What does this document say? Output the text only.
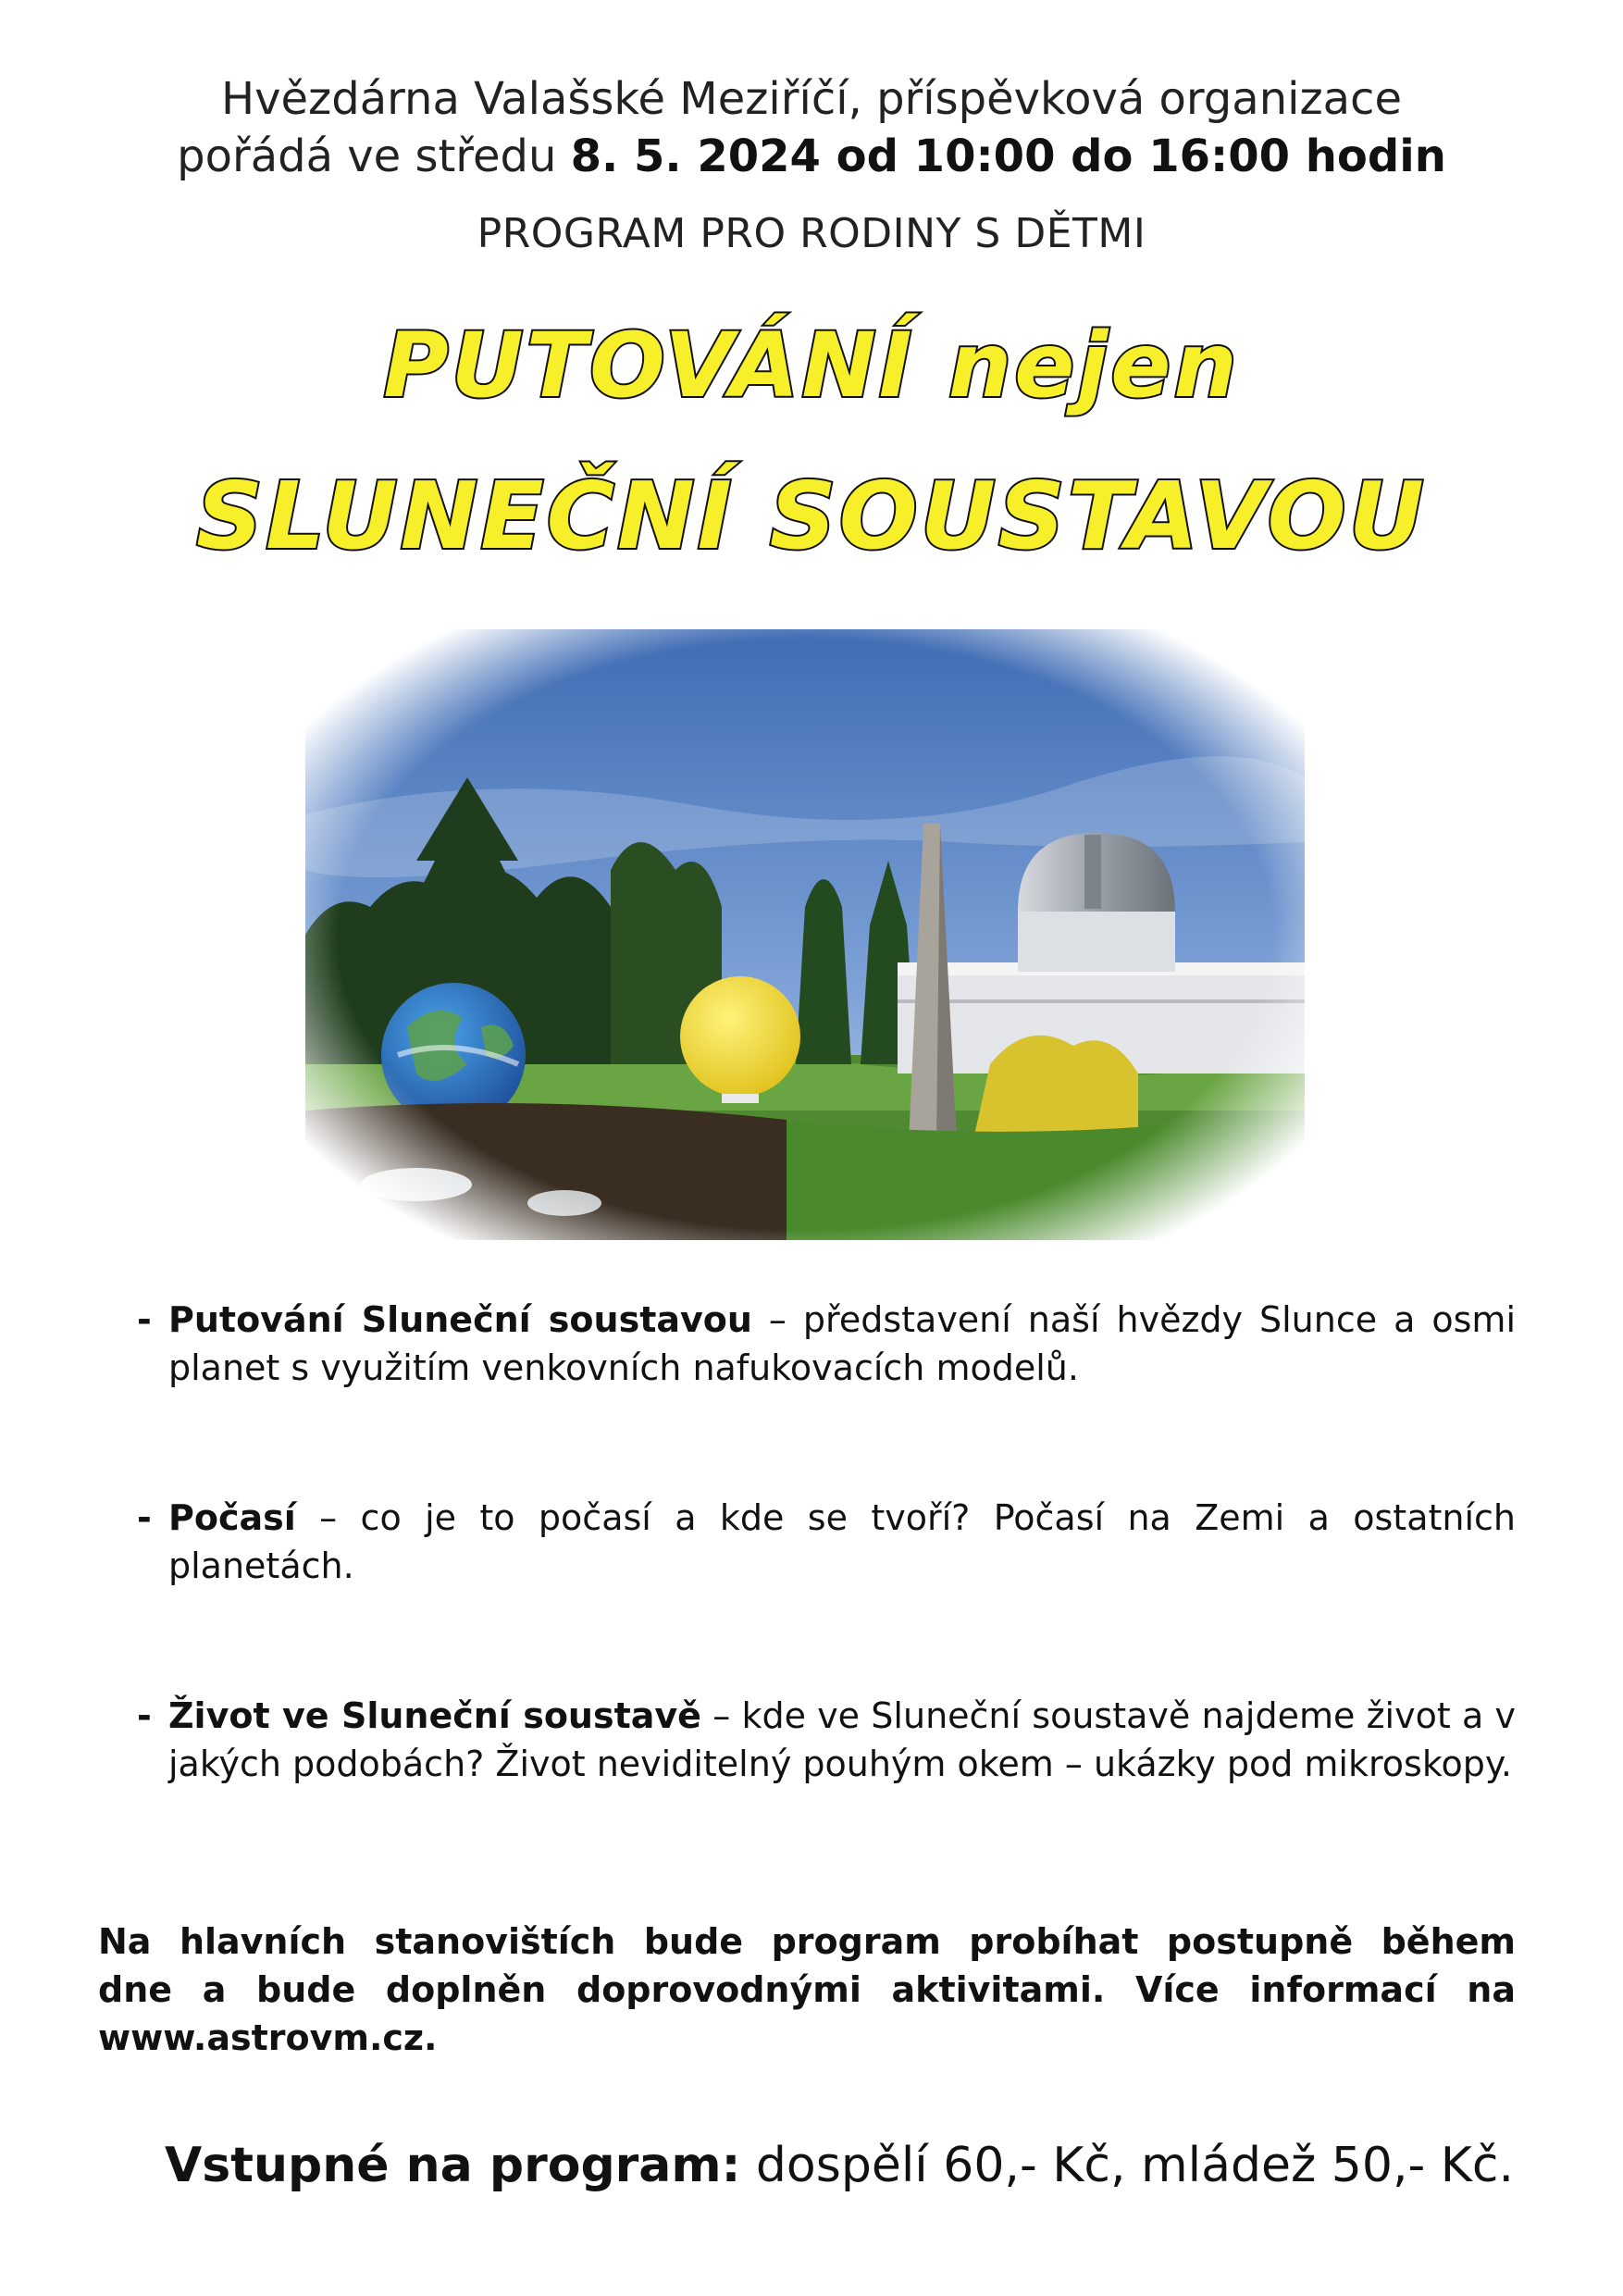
Hvězdárna Valašské Meziříčí, příspěvková organizace
pořádá ve středu 8. 5. 2024 od 10:00 do 16:00 hodin
PROGRAM PRO RODINY S DĚTMI
PUTOVÁNÍ nejen
SLUNEČNÍ SOUSTAVOU
- Putování Sluneční soustavou – představení naší hvězdy Slunce a osmi planet s využitím venkovních nafukovacích modelů.
- Počasí – co je to počasí a kde se tvoří? Počasí na Zemi a ostatních planetách.
- Život ve Sluneční soustavě – kde ve Sluneční soustavě najdeme život a v jakých podobách? Život neviditelný pouhým okem – ukázky pod mikroskopy.
Na hlavních stanovištích bude program probíhat postupně během dne a bude doplněn doprovodnými aktivitami. Více informací na www.astrovm.cz.
Vstupné na program: dospělí 60,- Kč, mládež 50,- Kč.
